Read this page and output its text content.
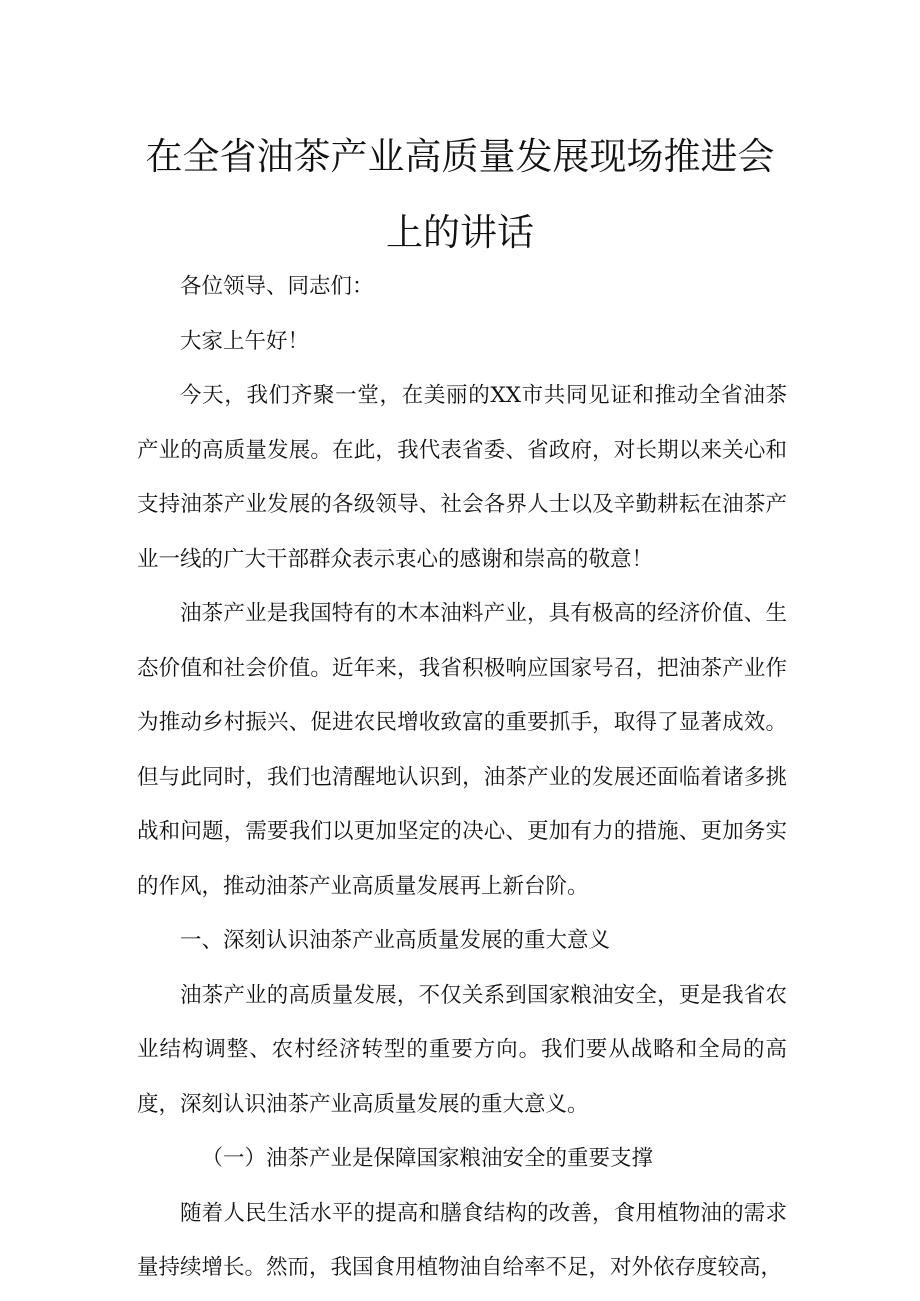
在全省油茶产业高质量发展现场推进会
上的讲话

各位领导、同志们：

大家上午好！

今天，我们齐聚一堂，在美丽的XX市共同见证和推动全省油茶产业的高质量发展。在此，我代表省委、省政府，对长期以来关心和支持油茶产业发展的各级领导、社会各界人士以及辛勤耕耘在油茶产业一线的广大干部群众表示衷心的感谢和崇高的敬意！

油茶产业是我国特有的木本油料产业，具有极高的经济价值、生态价值和社会价值。近年来，我省积极响应国家号召，把油茶产业作为推动乡村振兴、促进农民增收致富的重要抓手，取得了显著成效。但与此同时，我们也清醒地认识到，油茶产业的发展还面临着诸多挑战和问题，需要我们以更加坚定的决心、更加有力的措施、更加务实的作风，推动油茶产业高质量发展再上新台阶。

一、深刻认识油茶产业高质量发展的重大意义

油茶产业的高质量发展，不仅关系到国家粮油安全，更是我省农业结构调整、农村经济转型的重要方向。我们要从战略和全局的高度，深刻认识油茶产业高质量发展的重大意义。

（一）油茶产业是保障国家粮油安全的重要支撑

随着人民生活水平的提高和膳食结构的改善，食用植物油的需求量持续增长。然而，我国食用植物油自给率不足，对外依存度较高，
